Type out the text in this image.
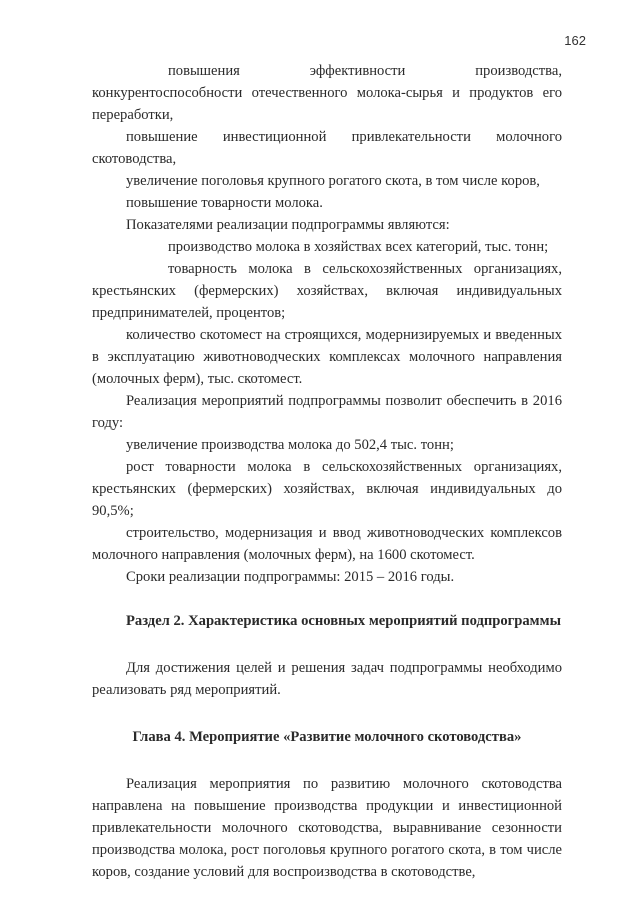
162

повышения эффективности производства, конкурентоспособности отечественного молока-сырья и продуктов его переработки,

повышение инвестиционной привлекательности молочного скотоводства,

увеличение поголовья крупного рогатого скота, в том числе коров,

повышение товарности молока.

Показателями реализации подпрограммы являются:

производство молока в хозяйствах всех категорий, тыс. тонн;

товарность молока в сельскохозяйственных организациях, крестьянских (фермерских) хозяйствах, включая индивидуальных предпринимателей, процентов;

количество скотомест на строящихся, модернизируемых и введенных в эксплуатацию животноводческих комплексах молочного направления (молочных ферм), тыс. скотомест.

Реализация мероприятий подпрограммы позволит обеспечить в 2016 году:

увеличение производства молока до 502,4 тыс. тонн;

рост товарности молока в сельскохозяйственных организациях, крестьянских (фермерских) хозяйствах, включая индивидуальных до 90,5%;

строительство, модернизация и ввод животноводческих комплексов молочного направления (молочных ферм), на 1600 скотомест.

Сроки реализации подпрограммы: 2015 – 2016 годы.

Раздел 2. Характеристика основных мероприятий подпрограммы

Для достижения целей и решения задач подпрограммы необходимо реализовать ряд мероприятий.

Глава 4. Мероприятие «Развитие молочного скотоводства»

Реализация мероприятия по развитию молочного скотоводства направлена на повышение производства продукции и инвестиционной привлекательности молочного скотоводства, выравнивание сезонности производства молока, рост поголовья крупного рогатого скота, в том числе коров, создание условий для воспроизводства в скотоводстве,
